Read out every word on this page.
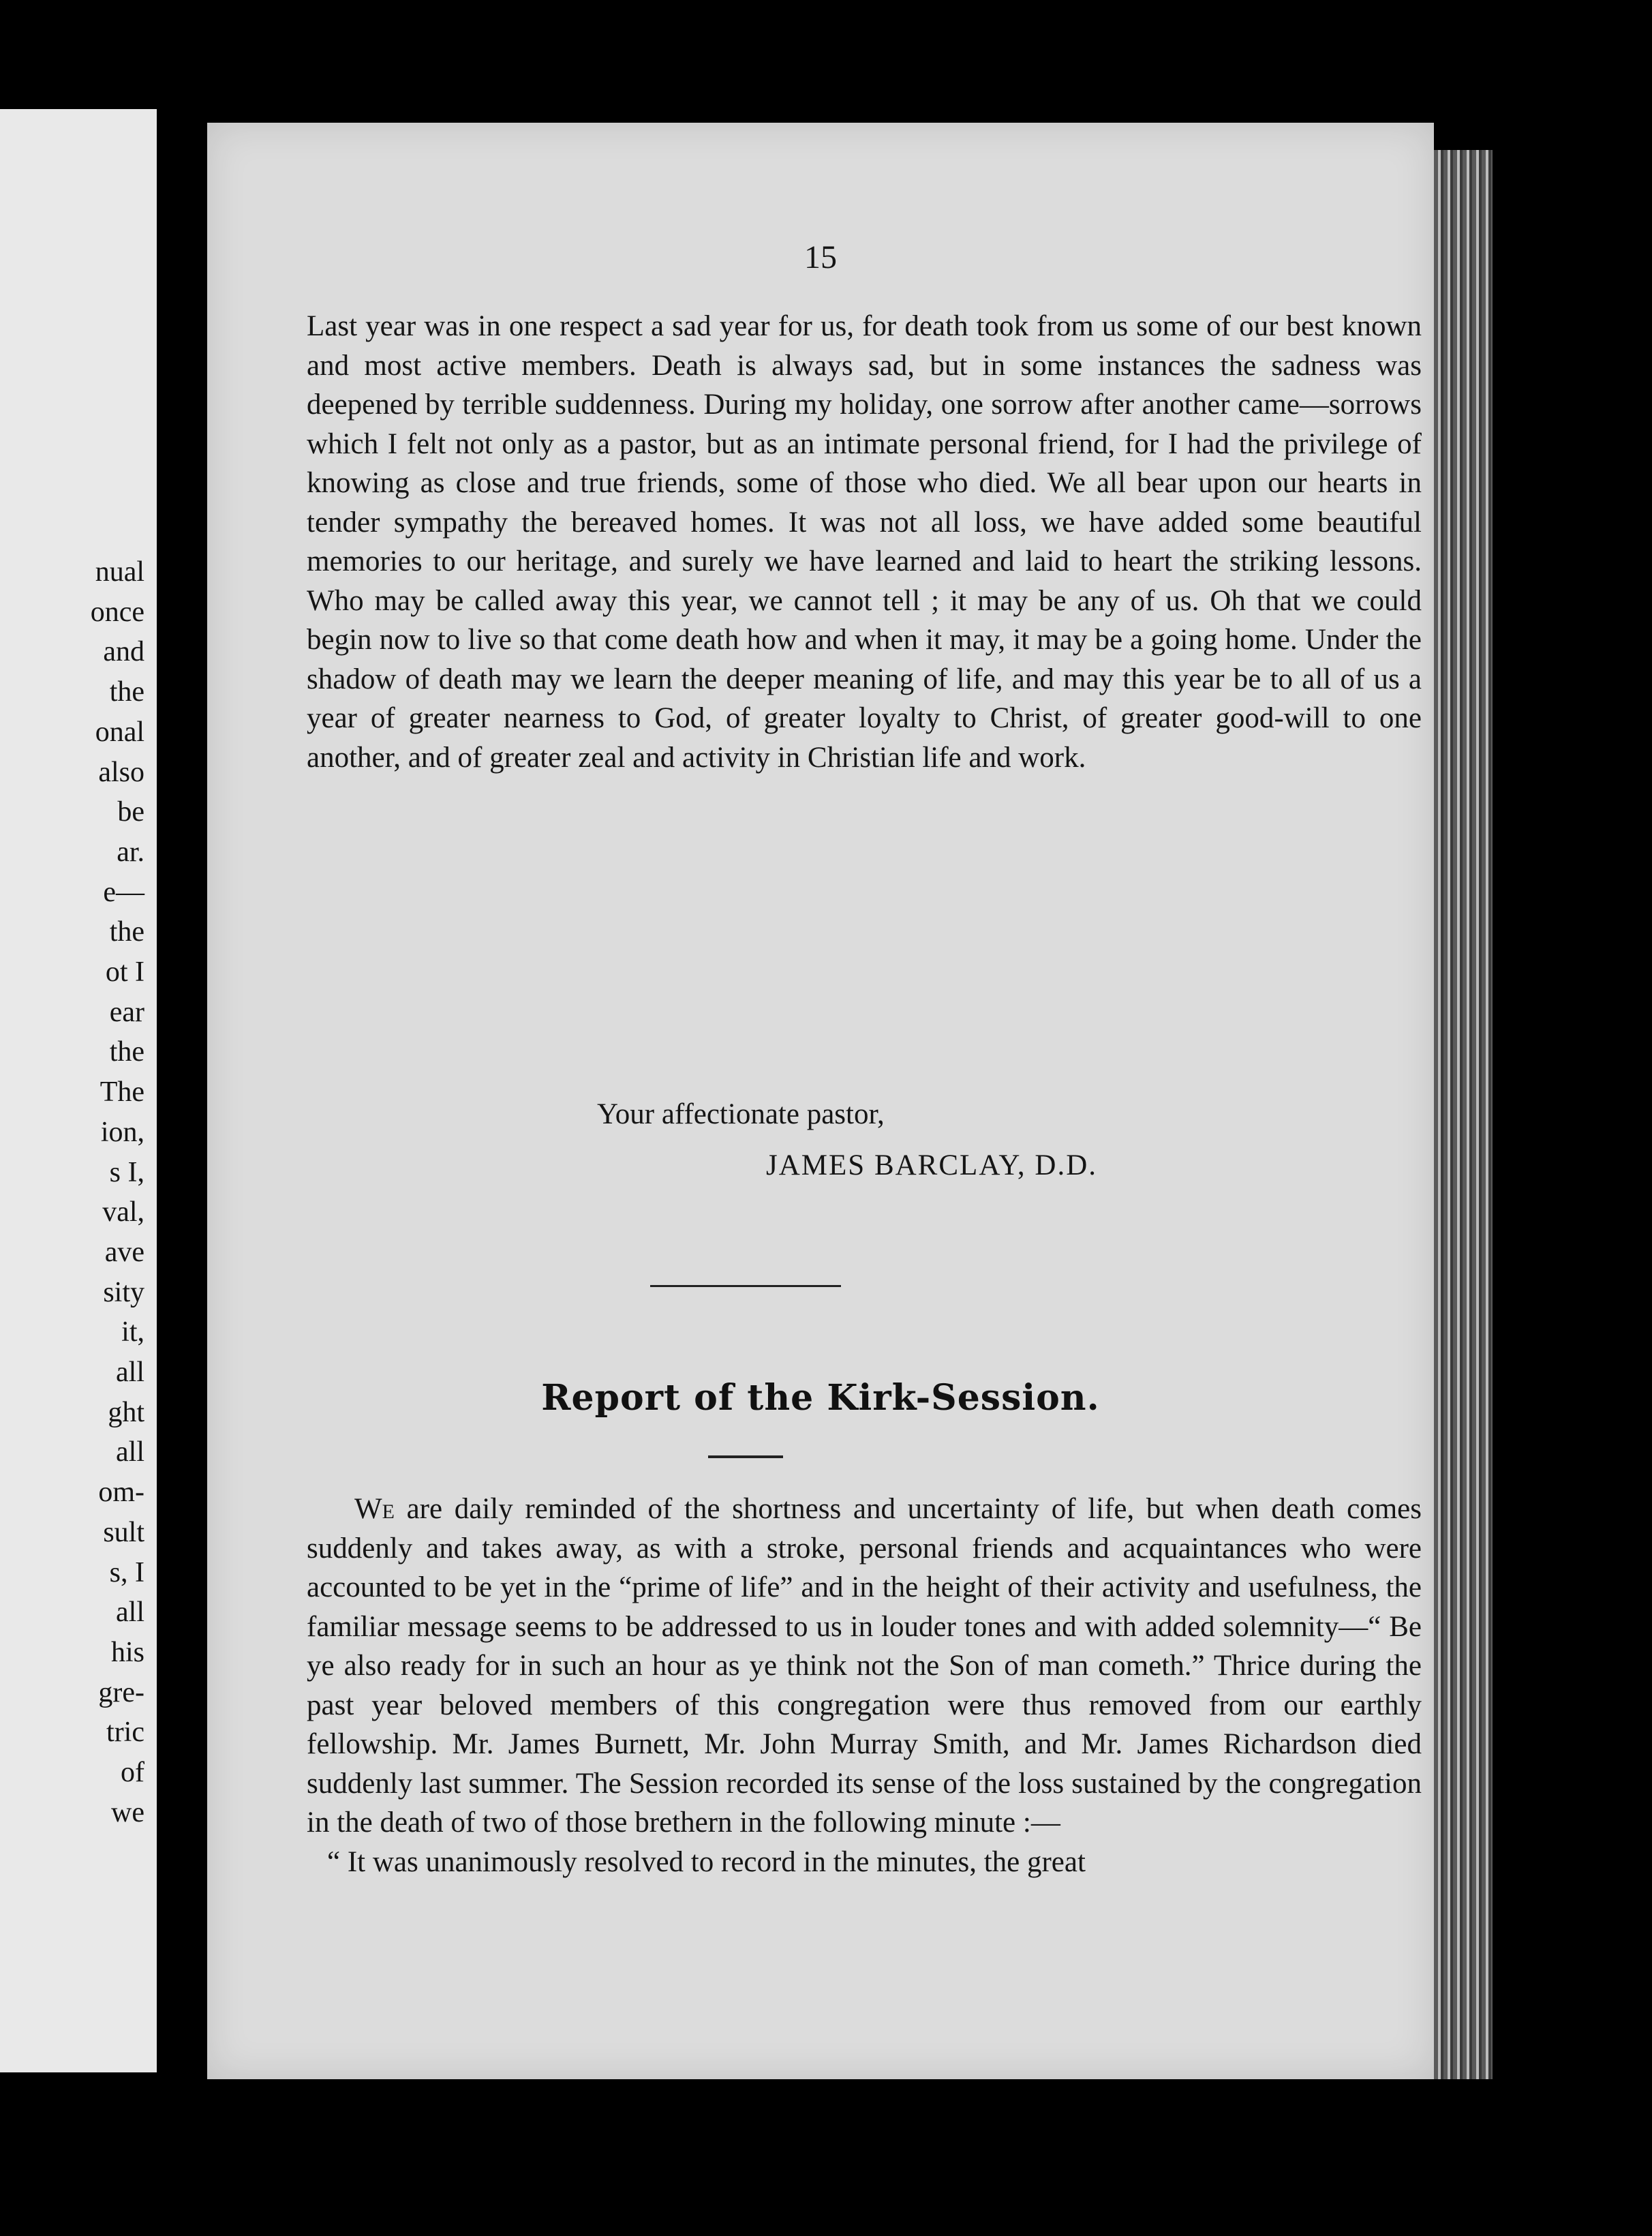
nual
once
and
the
onal
also
be
ar.
e—
the
ot I
ear
the
The
ion,
s I,
val,
ave
sity
it,
all
ght
all
om-
sult
s, I
all
his
gre-
tric
of
we
15

Last year was in one respect a sad year for us, for death took from us some of our best known and most active members. Death is always sad, but in some instances the sadness was deepened by terrible suddenness. During my holiday, one sorrow after another came—sorrows which I felt not only as a pastor, but as an intimate personal friend, for I had the privilege of knowing as close and true friends, some of those who died. We all bear upon our hearts in tender sympathy the bereaved homes. It was not all loss, we have added some beautiful memories to our heritage, and surely we have learned and laid to heart the striking lessons. Who may be called away this year, we cannot tell ; it may be any of us. Oh that we could begin now to live so that come death how and when it may, it may be a going home. Under the shadow of death may we learn the deeper meaning of life, and may this year be to all of us a year of greater nearness to God, of greater loyalty to Christ, of greater good-will to one another, and of greater zeal and activity in Christian life and work.

Your affectionate pastor,
JAMES BARCLAY, D.D.
Report of the Kirk-Session.

We are daily reminded of the shortness and uncertainty of life, but when death comes suddenly and takes away, as with a stroke, personal friends and acquaintances who were accounted to be yet in the “prime of life” and in the height of their activity and usefulness, the familiar message seems to be addressed to us in louder tones and with added solemnity—“ Be ye also ready for in such an hour as ye think not the Son of man cometh.” Thrice during the past year beloved members of this congregation were thus removed from our earthly fellowship. Mr. James Burnett, Mr. John Murray Smith, and Mr. James Richardson died suddenly last summer. The Session recorded its sense of the loss sustained by the congregation in the death of two of those brethern in the following minute :—

“ It was unanimously resolved to record in the minutes, the great
